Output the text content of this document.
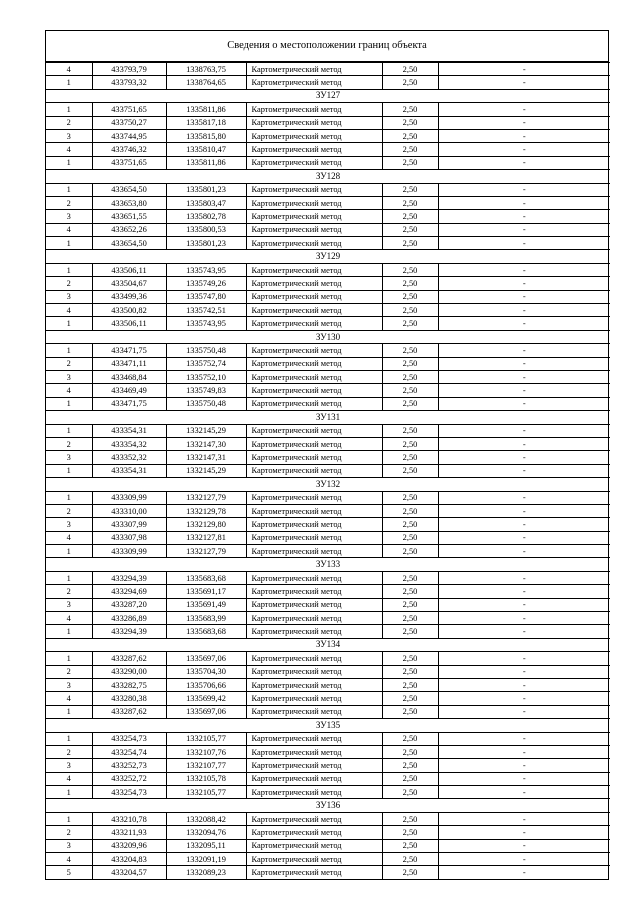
Сведения о местоположении границ объекта
4	433793,79	1338763,75	Картометрический метод	2,50	-
1	433793,32	1338764,65	Картометрический метод	2,50	-
ЗУ127					
1	433751,65	1335811,86	Картометрический метод	2,50	-
2	433750,27	1335817,18	Картометрический метод	2,50	-
3	433744,95	1335815,80	Картометрический метод	2,50	-
4	433746,32	1335810,47	Картометрический метод	2,50	-
1	433751,65	1335811,86	Картометрический метод	2,50	-
ЗУ128					
1	433654,50	1335801,23	Картометрический метод	2,50	-
2	433653,80	1335803,47	Картометрический метод	2,50	-
3	433651,55	1335802,78	Картометрический метод	2,50	-
4	433652,26	1335800,53	Картометрический метод	2,50	-
1	433654,50	1335801,23	Картометрический метод	2,50	-
ЗУ129					
1	433506,11	1335743,95	Картометрический метод	2,50	-
2	433504,67	1335749,26	Картометрический метод	2,50	-
3	433499,36	1335747,80	Картометрический метод	2,50	-
4	433500,82	1335742,51	Картометрический метод	2,50	-
1	433506,11	1335743,95	Картометрический метод	2,50	-
ЗУ130					
1	433471,75	1335750,48	Картометрический метод	2,50	-
2	433471,11	1335752,74	Картометрический метод	2,50	-
3	433468,84	1335752,10	Картометрический метод	2,50	-
4	433469,49	1335749,83	Картометрический метод	2,50	-
1	433471,75	1335750,48	Картометрический метод	2,50	-
ЗУ131					
1	433354,31	1332145,29	Картометрический метод	2,50	-
2	433354,32	1332147,30	Картометрический метод	2,50	-
3	433352,32	1332147,31	Картометрический метод	2,50	-
1	433354,31	1332145,29	Картометрический метод	2,50	-
ЗУ132					
1	433309,99	1332127,79	Картометрический метод	2,50	-
2	433310,00	1332129,78	Картометрический метод	2,50	-
3	433307,99	1332129,80	Картометрический метод	2,50	-
4	433307,98	1332127,81	Картометрический метод	2,50	-
1	433309,99	1332127,79	Картометрический метод	2,50	-
ЗУ133					
1	433294,39	1335683,68	Картометрический метод	2,50	-
2	433294,69	1335691,17	Картометрический метод	2,50	-
3	433287,20	1335691,49	Картометрический метод	2,50	-
4	433286,89	1335683,99	Картометрический метод	2,50	-
1	433294,39	1335683,68	Картометрический метод	2,50	-
ЗУ134					
1	433287,62	1335697,06	Картометрический метод	2,50	-
2	433290,00	1335704,30	Картометрический метод	2,50	-
3	433282,75	1335706,66	Картометрический метод	2,50	-
4	433280,38	1335699,42	Картометрический метод	2,50	-
1	433287,62	1335697,06	Картометрический метод	2,50	-
ЗУ135					
1	433254,73	1332105,77	Картометрический метод	2,50	-
2	433254,74	1332107,76	Картометрический метод	2,50	-
3	433252,73	1332107,77	Картометрический метод	2,50	-
4	433252,72	1332105,78	Картометрический метод	2,50	-
1	433254,73	1332105,77	Картометрический метод	2,50	-
ЗУ136					
1	433210,78	1332088,42	Картометрический метод	2,50	-
2	433211,93	1332094,76	Картометрический метод	2,50	-
3	433209,96	1332095,11	Картометрический метод	2,50	-
4	433204,83	1332091,19	Картометрический метод	2,50	-
5	433204,57	1332089,23	Картометрический метод	2,50	-
